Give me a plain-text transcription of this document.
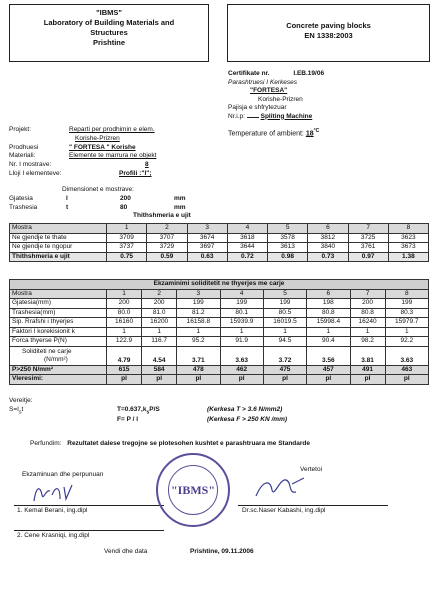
"IBMS"
Laboratory of Building Materials and
Structures
Prishtine
Concrete paving blocks
EN 1338:2003
Certifikate nr.	I.EB.19/06
Parashtruesi I Kerkeses
"FORTESA"
Korishe-Prizren
Pajisja e shfrytezuar
Nr.i.p: Spliting Machine
Temperature of ambient: $18^{^\circ C}$
Projekt:	Reparti per prodhimin e elem.
Korishe-Prizren
Prodhuesi	" FORTESA " Korishe
Materiali:	Elemente te marrura ne objekt
Nr. I mostrave:	8
Lloji I elementeve:	Profili :"I";
Dimensionet e mostrave:
Gjatesia	l	200	mm
Trashesia	t	80	mm
Thithshmeria e ujit
Mostra	1	2	3	4	5	6	7	8
Ne gjendje te thate	3709	3707	3674	3618	3578	3812	3725	3623
Ne gjendje te ngopur	3737	3729	3697	3644	3613	3840	3761	3673
Thithshmeria e ujit	0.75	0.59	0.63	0.72	0.98	0.73	0.97	1.38
Ekzaminimi soliditetit ne thyerjes me carje								
Mostra	1	2	3	4	5	6	7	8
Gjatesia(mm)	200	200	199	199	199	198	200	199
Trashesia(mm)	80.0	81.0	81.2	80.1	80.5	80.8	80.8	80.3
Sip. Rrafshi i thyerjes	16160	16200	16158.8	15939.9	16019.5	15998.4	16240	15979.7
Faktori I korekisionit k	1	1	1	1	1	1	1	1
Forca thyerse P(N)	122.9	116.7	95.2	91.9	94.5	90.4	98.2	92.2

Soliditeti ne carje
(N/mm²)	4.79	4.54	3.71	3.63	3.72	3.56	3.81	3.63
P>250 N/mm²	615	584	478	462	475	457	491	463
Vleresimi:	pl	pl	pl	pl	pl	pl	pl	pl
Vereitje:
$S=I_st$	$T=0.637,k_sP/S$	(Kerkesa T > 3.6 N/mm2)
F= P / l	(Kerkesa F > 250 KN /mm)
Perfundim: Rezultatet dalese tregojne se plotesohen kushtet e parashtruara me Standarde
Ekzaminuan dhe perpunuan
Vertetoi
1. Kemal Berani, ing.dipl	Dr.sc.Naser Kabashi, ing.dipl
2. Cene Krasniqi, ing.dipl
"IBMS"
Vendi dhe data	Prishtine, 09.11.2006
